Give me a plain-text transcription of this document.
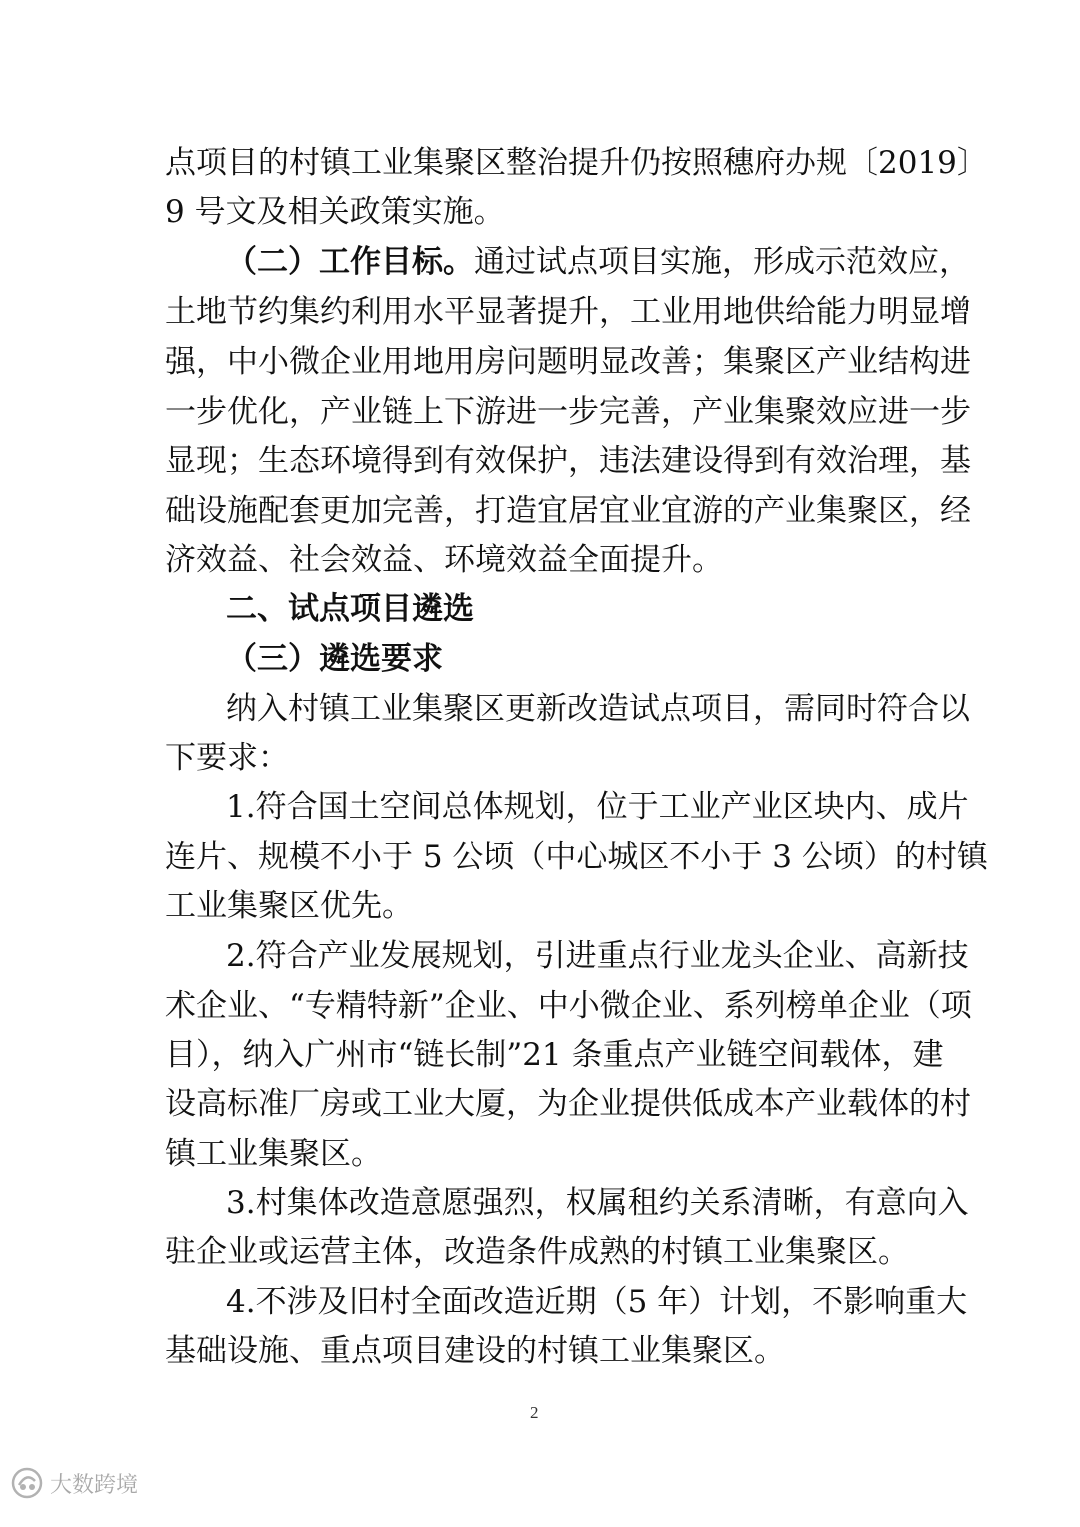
点项目的村镇工业集聚区整治提升仍按照穗府办规〔2019〕
9 号文及相关政策实施。
（二）工作目标。通过试点项目实施，形成示范效应，
土地节约集约利用水平显著提升，工业用地供给能力明显增
强，中小微企业用地用房问题明显改善；集聚区产业结构进
一步优化，产业链上下游进一步完善，产业集聚效应进一步
显现；生态环境得到有效保护，违法建设得到有效治理，基
础设施配套更加完善，打造宜居宜业宜游的产业集聚区，经
济效益、社会效益、环境效益全面提升。
二、试点项目遴选
（三）遴选要求
纳入村镇工业集聚区更新改造试点项目，需同时符合以
下要求：
1.符合国土空间总体规划，位于工业产业区块内、成片
连片、规模不小于 5 公顷（中心城区不小于 3 公顷）的村镇
工业集聚区优先。
2.符合产业发展规划，引进重点行业龙头企业、高新技
术企业、“专精特新”企业、中小微企业、系列榜单企业（项
目），纳入广州市“链长制”21 条重点产业链空间载体，建
设高标准厂房或工业大厦，为企业提供低成本产业载体的村
镇工业集聚区。
3.村集体改造意愿强烈，权属租约关系清晰，有意向入
驻企业或运营主体，改造条件成熟的村镇工业集聚区。
4.不涉及旧村全面改造近期（5 年）计划，不影响重大
基础设施、重点项目建设的村镇工业集聚区。
2
大数跨境
